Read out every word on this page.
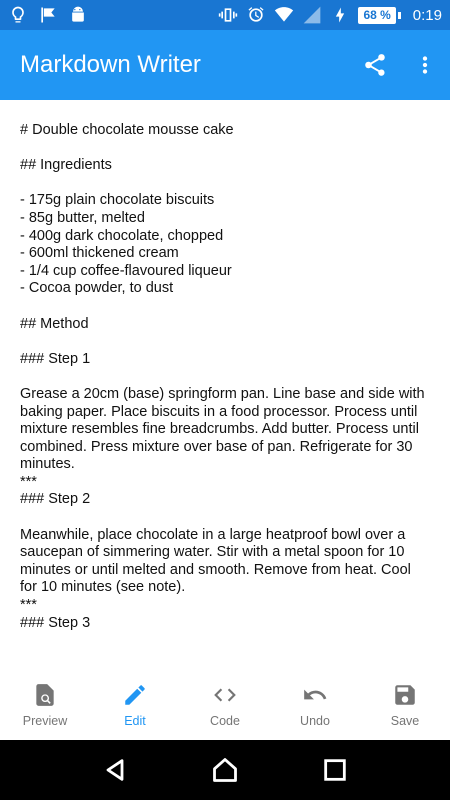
68 %	0:19
Markdown Writer
# Double chocolate mousse cake

## Ingredients

- 175g plain chocolate biscuits
- 85g butter, melted
- 400g dark chocolate, chopped
- 600ml thickened cream
- 1/4 cup coffee-flavoured liqueur
- Cocoa powder, to dust

## Method

### Step 1

Grease a 20cm (base) springform pan. Line base and side with baking paper. Place biscuits in a food processor. Process until mixture resembles fine breadcrumbs. Add butter. Process until combined. Press mixture over base of pan. Refrigerate for 30 minutes.
***
### Step 2

Meanwhile, place chocolate in a large heatproof bowl over a saucepan of simmering water. Stir with a metal spoon for 10 minutes or until melted and smooth. Remove from heat. Cool for 10 minutes (see note).
***
### Step 3
Preview	Edit	Code	Undo	Save
